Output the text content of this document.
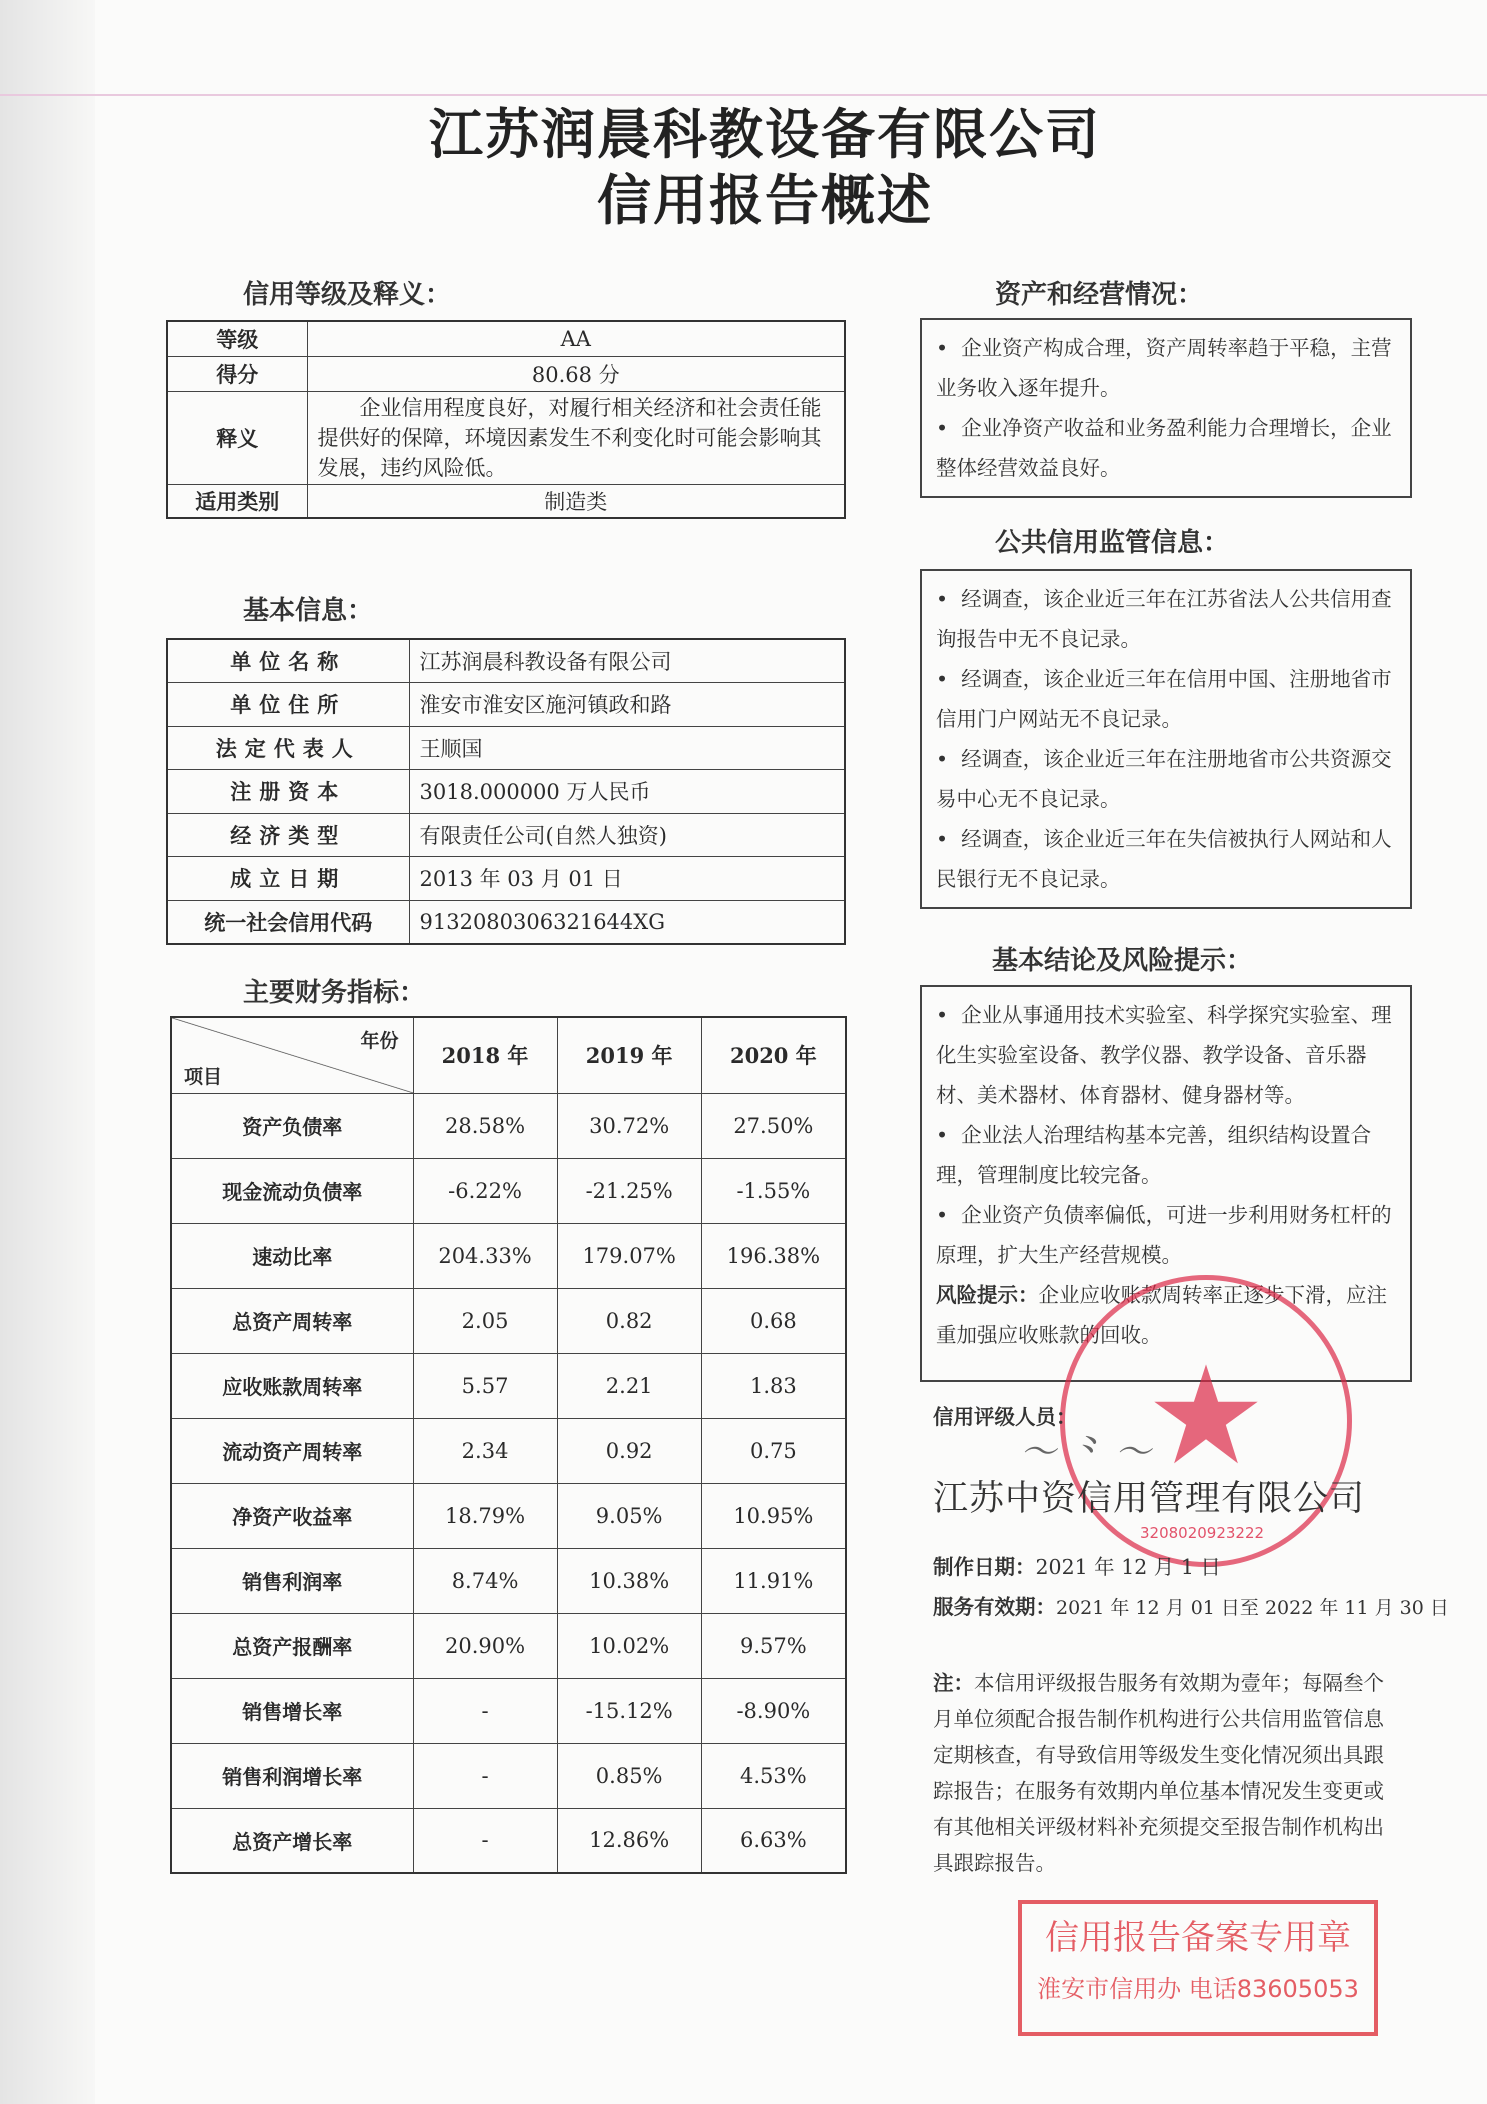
江苏润晨科教设备有限公司
信用报告概述
信用等级及释义：
等级	AA
得分	80.68 分
释义	企业信用程度良好，对履行相关经济和社会责任能提供好的保障，环境因素发生不利变化时可能会影响其发展，违约风险低。
适用类别	制造类
基本信息：
单位名称	江苏润晨科教设备有限公司
单位住所	淮安市淮安区施河镇政和路
法定代表人	王顺国
注册资本	3018.000000 万人民币
经济类型	有限责任公司(自然人独资)
成立日期	2013 年 03 月 01 日
统一社会信用代码	913208030632164​4XG
主要财务指标：
年份
项目	2018 年	2019 年	2020 年
资产负债率	28.58%	30.72%	27.50%
现金流动负债率	-6.22%	-21.25%	-1.55%
速动比率	204.33%	179.07%	196.38%
总资产周转率	2.05	0.82	0.68
应收账款周转率	5.57	2.21	1.83
流动资产周转率	2.34	0.92	0.75
净资产收益率	18.79%	9.05%	10.95%
销售利润率	8.74%	10.38%	11.91%
总资产报酬率	20.90%	10.02%	9.57%
销售增长率	-	-15.12%	-8.90%
销售利润增长率	-	0.85%	4.53%
总资产增长率	-	12.86%	6.63%
资产和经营情况：

•  企业资产构成合理，资产周转率趋于平稳，主营业务收入逐年提升。

•  企业净资产收益和业务盈利能力合理增长，企业整体经营效益良好。

公共信用监管信息：

•  经调查，该企业近三年在江苏省法人公共信用查询报告中无不良记录。

•  经调查，该企业近三年在信用中国、注册地省市信用门户网站无不良记录。

•  经调查，该企业近三年在注册地省市公共资源交易中心无不良记录。

•  经调查，该企业近三年在失信被执行人网站和人民银行无不良记录。

基本结论及风险提示：

•  企业从事通用技术实验室、科学探究实验室、理化生实验室设备、教学仪器、教学设备、音乐器材、美术器材、体育器材、健身器材等。

•  企业法人治理结构基本完善，组织结构设置合理，管理制度比较完备。

•  企业资产负债率偏低，可进一步利用财务杠杆的原理，扩大生产经营规模。

风险提示：企业应收账款周转率正逐步下滑，应注重加强应收账款的回收。

信用评级人员：
〜 ⺀ 〜
江苏中资信用管理有限公司
3208020923222
制作日期：2021 年 12 月 1 日
服务有效期：2021 年 12 月 01 日至 2022 年 11 月 30 日
注：本信用评级报告服务有效期为壹年；每隔叁个月单位须配合报告制作机构进行公共信用监管信息定期核查，有导致信用等级发生变化情况须出具跟踪报告；在服务有效期内单位基本情况发生变更或有其他相关评级材料补充须提交至报告制作机构出具跟踪报告。
信用报告备案专用章
淮安市信用办 电话83605053
